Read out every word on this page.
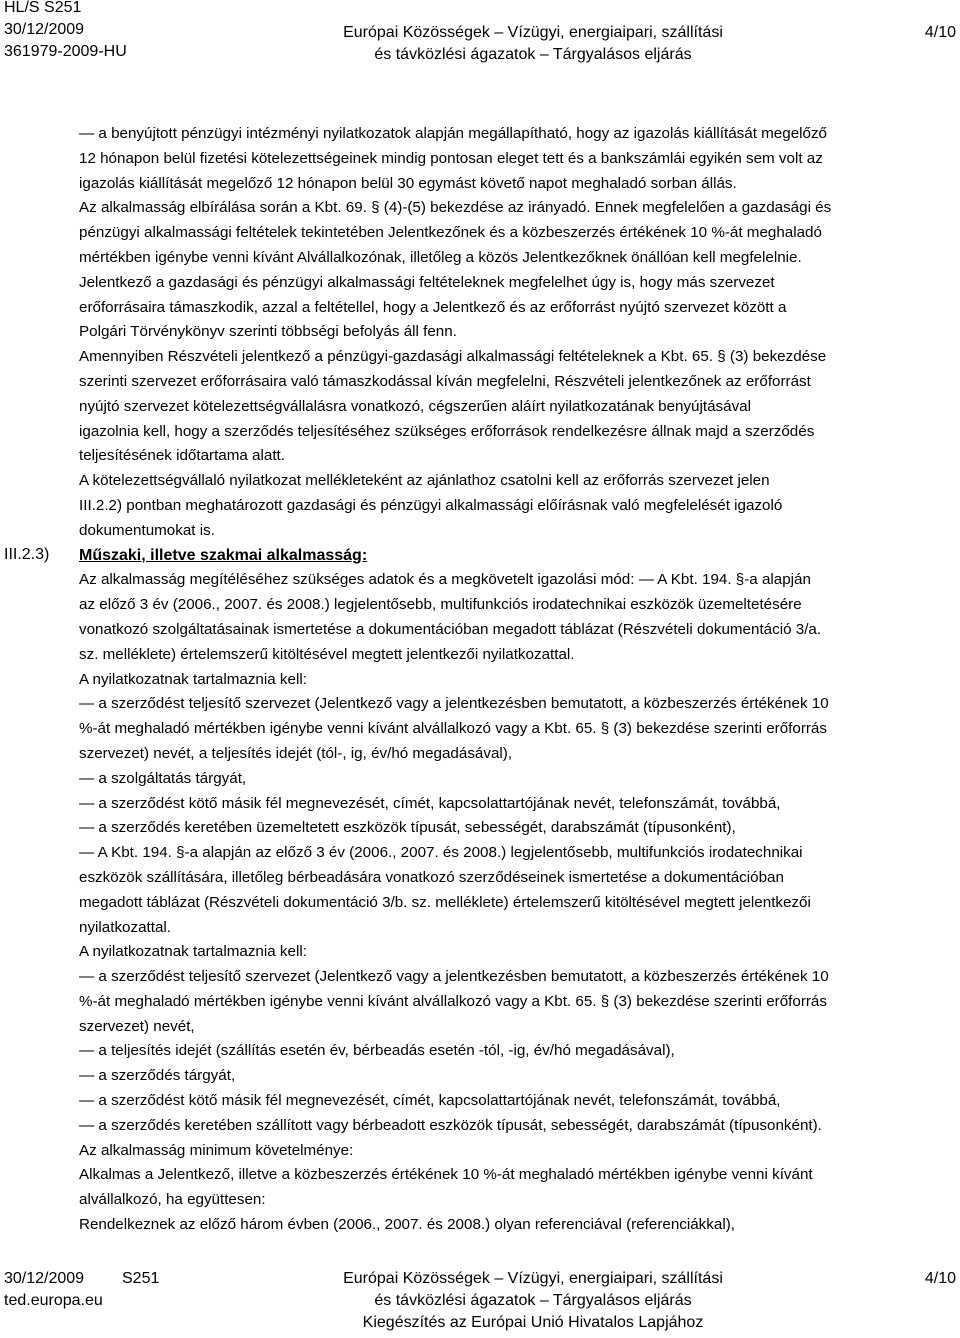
HL/S S251
30/12/2009
361979-2009-HU
Európai Közösségek – Vízügyi, energiaipari, szállítási
és távközlési ágazatok – Tárgyalásos eljárás
4/10
— a benyújtott pénzügyi intézményi nyilatkozatok alapján megállapítható, hogy az igazolás kiállítását megelőző
12 hónapon belül fizetési kötelezettségeinek mindig pontosan eleget tett és a bankszámlái egyikén sem volt az
igazolás kiállítását megelőző 12 hónapon belül 30 egymást követő napot meghaladó sorban állás.
Az alkalmasság elbírálása során a Kbt. 69. § (4)-(5) bekezdése az irányadó. Ennek megfelelően a gazdasági és
pénzügyi alkalmassági feltételek tekintetében Jelentkezőnek és a közbeszerzés értékének 10 %-át meghaladó
mértékben igénybe venni kívánt Alvállalkozónak, illetőleg a közös Jelentkezőknek önállóan kell megfelelnie.
Jelentkező a gazdasági és pénzügyi alkalmassági feltételeknek megfelelhet úgy is, hogy más szervezet
erőforrásaira támaszkodik, azzal a feltétellel, hogy a Jelentkező és az erőforrást nyújtó szervezet között a
Polgári Törvénykönyv szerinti többségi befolyás áll fenn.
Amennyiben Részvételi jelentkező a pénzügyi-gazdasági alkalmassági feltételeknek a Kbt. 65. § (3) bekezdése
szerinti szervezet erőforrásaira való támaszkodással kíván megfelelni, Részvételi jelentkezőnek az erőforrást
nyújtó szervezet kötelezettségvállalásra vonatkozó, cégszerűen aláírt nyilatkozatának benyújtásával
igazolnia kell, hogy a szerződés teljesítéséhez szükséges erőforrások rendelkezésre állnak majd a szerződés
teljesítésének időtartama alatt.
A kötelezettségvállaló nyilatkozat mellékleteként az ajánlathoz csatolni kell az erőforrás szervezet jelen
III.2.2) pontban meghatározott gazdasági és pénzügyi alkalmassági előírásnak való megfelelését igazoló
dokumentumokat is.
III.2.3) Műszaki, illetve szakmai alkalmasság:
Az alkalmasság megítéléséhez szükséges adatok és a megkövetelt igazolási mód: — A Kbt. 194. §-a alapján
az előző 3 év (2006., 2007. és 2008.) legjelentősebb, multifunkciós irodatechnikai eszközök üzemeltetésére
vonatkozó szolgáltatásainak ismertetése a dokumentációban megadott táblázat (Részvételi dokumentáció 3/a.
sz. melléklete) értelemszerű kitöltésével megtett jelentkezői nyilatkozattal.
A nyilatkozatnak tartalmaznia kell:
— a szerződést teljesítő szervezet (Jelentkező vagy a jelentkezésben bemutatott, a közbeszerzés értékének 10
%-át meghaladó mértékben igénybe venni kívánt alvállalkozó vagy a Kbt. 65. § (3) bekezdése szerinti erőforrás
szervezet) nevét, a teljesítés idejét (tól-, ig, év/hó megadásával),
— a szolgáltatás tárgyát,
— a szerződést kötő másik fél megnevezését, címét, kapcsolattartójának nevét, telefonszámát, továbbá,
— a szerződés keretében üzemeltetett eszközök típusát, sebességét, darabszámát (típusonként),
— A Kbt. 194. §-a alapján az előző 3 év (2006., 2007. és 2008.) legjelentősebb, multifunkciós irodatechnikai
eszközök szállítására, illetőleg bérbeadására vonatkozó szerződéseinek ismertetése a dokumentációban
megadott táblázat (Részvételi dokumentáció 3/b. sz. melléklete) értelemszerű kitöltésével megtett jelentkezői
nyilatkozattal.
A nyilatkozatnak tartalmaznia kell:
— a szerződést teljesítő szervezet (Jelentkező vagy a jelentkezésben bemutatott, a közbeszerzés értékének 10
%-át meghaladó mértékben igénybe venni kívánt alvállalkozó vagy a Kbt. 65. § (3) bekezdése szerinti erőforrás
szervezet) nevét,
— a teljesítés idejét (szállítás esetén év, bérbeadás esetén -tól, -ig, év/hó megadásával),
— a szerződés tárgyát,
— a szerződést kötő másik fél megnevezését, címét, kapcsolattartójának nevét, telefonszámát, továbbá,
— a szerződés keretében szállított vagy bérbeadott eszközök típusát, sebességét, darabszámát (típusonként).
Az alkalmasság minimum követelménye:
Alkalmas a Jelentkező, illetve a közbeszerzés értékének 10 %-át meghaladó mértékben igénybe venni kívánt
alvállalkozó, ha együttesen:
Rendelkeznek az előző három évben (2006., 2007. és 2008.) olyan referenciával (referenciákkal),
30/12/2009 S251
ted.europa.eu
Európai Közösségek – Vízügyi, energiaipari, szállítási
és távközlési ágazatok – Tárgyalásos eljárás
Kiegészítés az Európai Unió Hivatalos Lapjához
4/10
